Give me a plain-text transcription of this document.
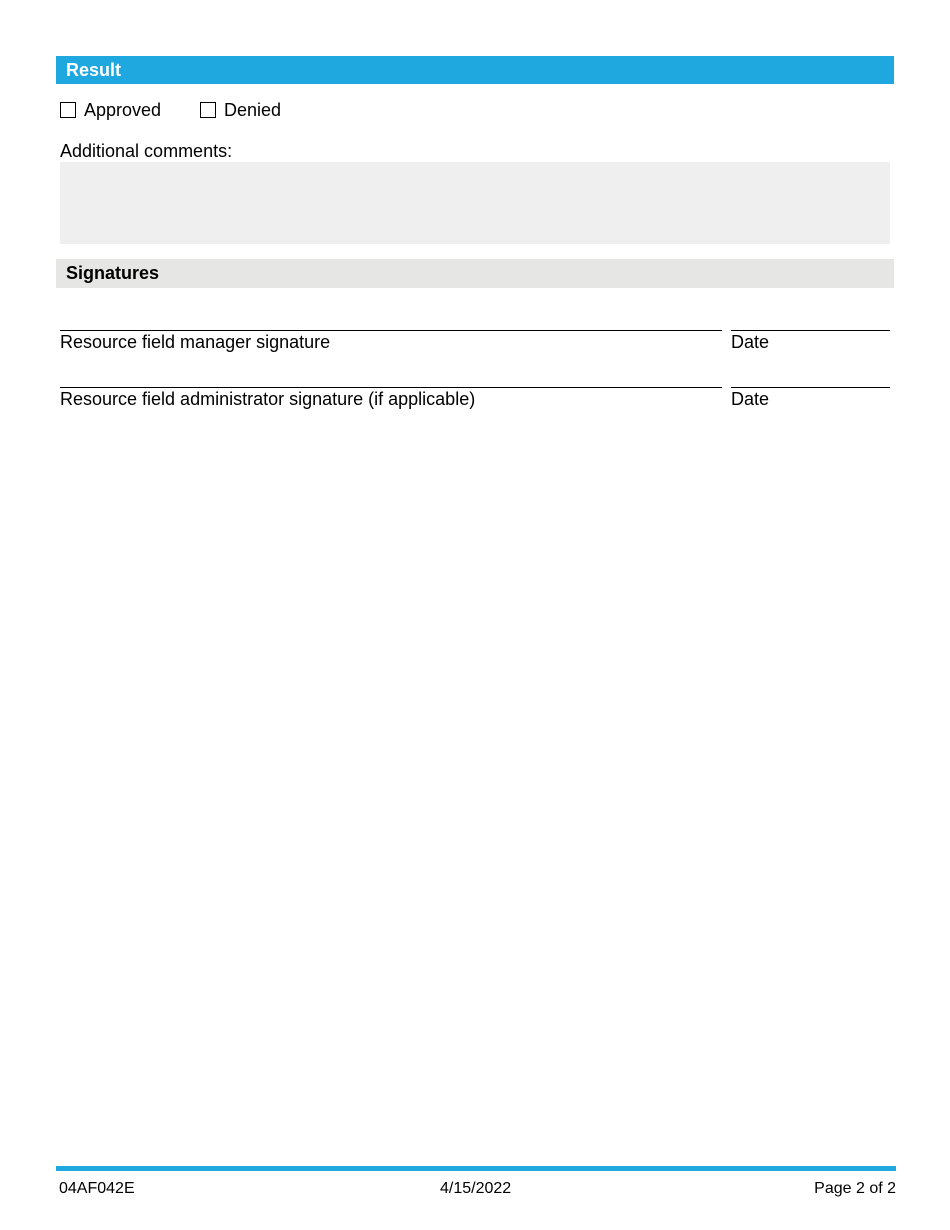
Result
Approved	Denied
Additional comments:
Signatures
Resource field manager signature	Date
Resource field administrator signature (if applicable)	Date
04AF042E	4/15/2022	Page 2 of 2
